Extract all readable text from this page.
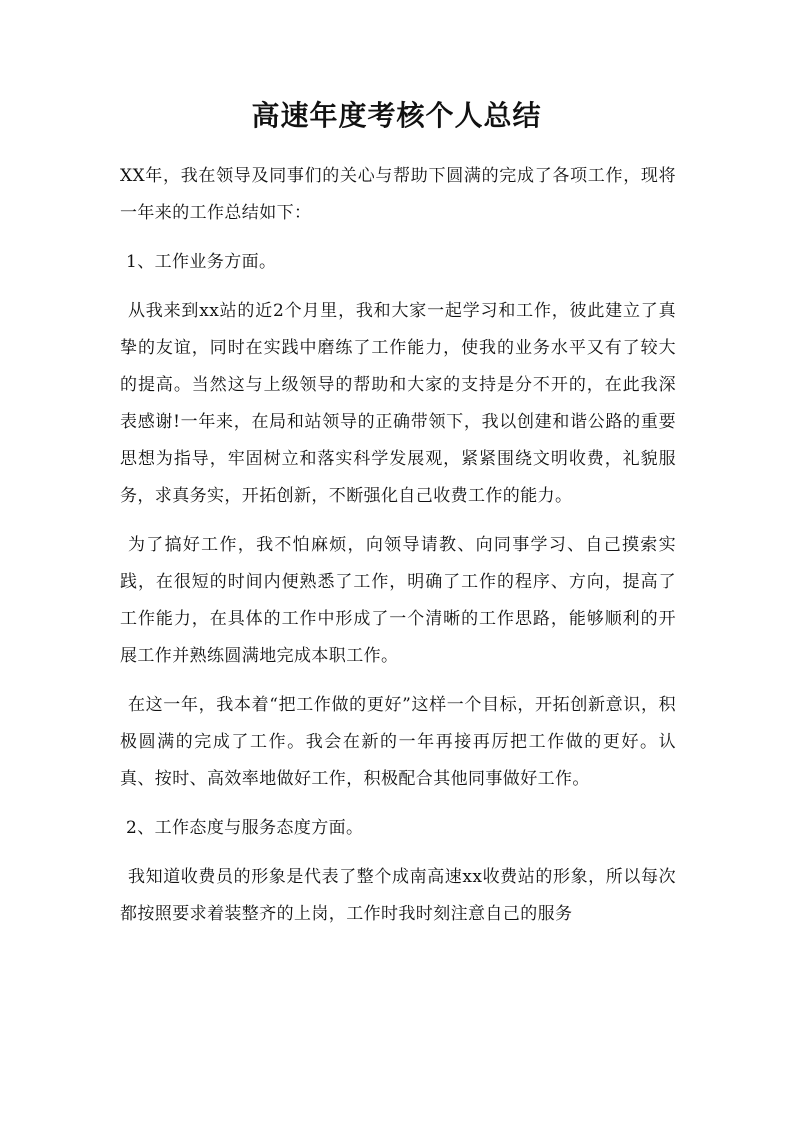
高速年度考核个人总结

XX年，我在领导及同事们的关心与帮助下圆满的完成了各项工作，现将一年来的工作总结如下：

1、工作业务方面。

从我来到xx站的近2个月里，我和大家一起学习和工作，彼此建立了真挚的友谊，同时在实践中磨练了工作能力，使我的业务水平又有了较大的提高。当然这与上级领导的帮助和大家的支持是分不开的，在此我深表感谢!一年来，在局和站领导的正确带领下，我以创建和谐公路的重要思想为指导，牢固树立和落实科学发展观，紧紧围绕文明收费，礼貌服务，求真务实，开拓创新，不断强化自己收费工作的能力。

为了搞好工作，我不怕麻烦，向领导请教、向同事学习、自己摸索实践，在很短的时间内便熟悉了工作，明确了工作的程序、方向，提高了工作能力，在具体的工作中形成了一个清晰的工作思路，能够顺利的开展工作并熟练圆满地完成本职工作。

在这一年，我本着“把工作做的更好”这样一个目标，开拓创新意识，积极圆满的完成了工作。我会在新的一年再接再厉把工作做的更好。认真、按时、高效率地做好工作，积极配合其他同事做好工作。

2、工作态度与服务态度方面。

我知道收费员的形象是代表了整个成南高速xx收费站的形象，所以每次都按照要求着装整齐的上岗，工作时我时刻注意自己的服务
